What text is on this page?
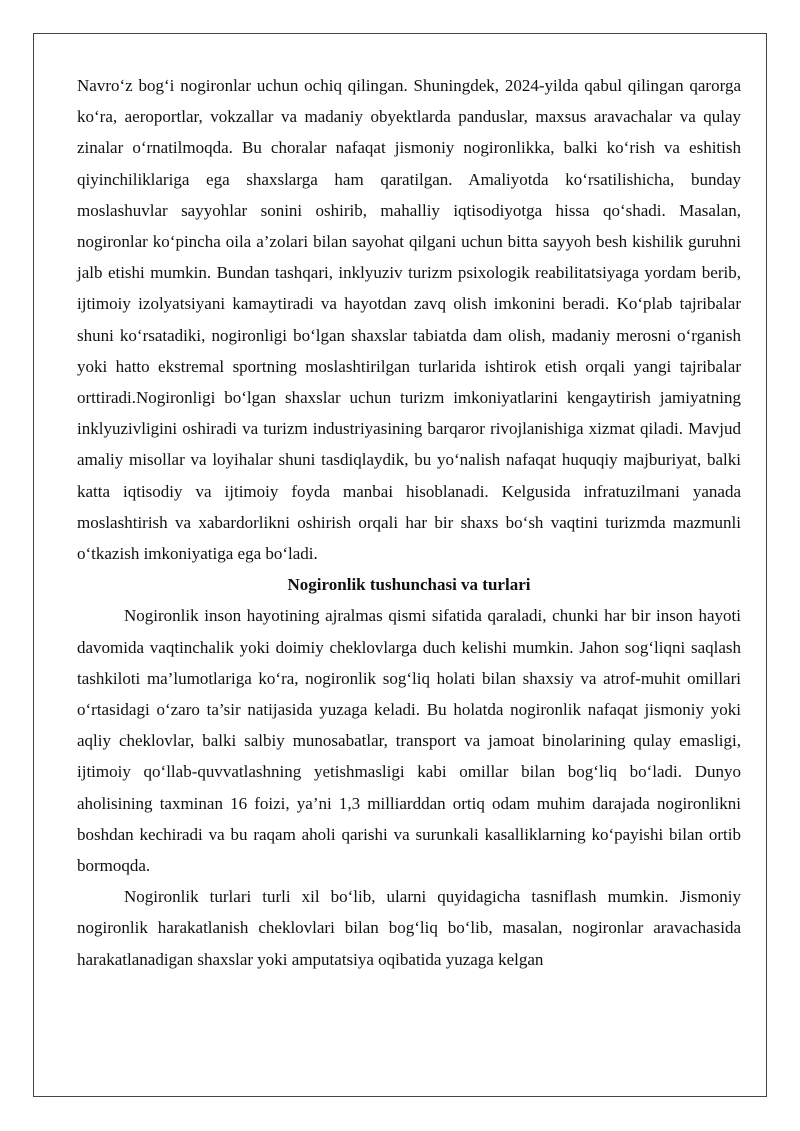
Navro‘z bog‘i nogironlar uchun ochiq qilingan. Shuningdek, 2024-yilda qabul qilingan qarorga ko‘ra, aeroportlar, vokzallar va madaniy obyektlarda panduslar, maxsus aravachalar va qulay zinalar o‘rnatilmoqda. Bu choralar nafaqat jismoniy nogironlikka, balki ko‘rish va eshitish qiyinchiliklariga ega shaxslarga ham qaratilgan. Amaliyotda ko‘rsatilishicha, bunday moslashuvlar sayyohlar sonini oshirib, mahalliy iqtisodiyotga hissa qo‘shadi. Masalan, nogironlar ko‘pincha oila a’zolari bilan sayohat qilgani uchun bitta sayyoh besh kishilik guruhni jalb etishi mumkin. Bundan tashqari, inklyuziv turizm psixologik reabilitatsiyaga yordam berib, ijtimoiy izolyatsiyani kamaytiradi va hayotdan zavq olish imkonini beradi. Ko‘plab tajribalar shuni ko‘rsatadiki, nogironligi bo‘lgan shaxslar tabiatda dam olish, madaniy merosni o‘rganish yoki hatto ekstremal sportning moslashtirilgan turlarida ishtirok etish orqali yangi tajribalar orttiradi.Nogironligi bo‘lgan shaxslar uchun turizm imkoniyatlarini kengaytirish jamiyatning inklyuzivligini oshiradi va turizm industriyasining barqaror rivojlanishiga xizmat qiladi. Mavjud amaliy misollar va loyihalar shuni tasdiqlaydik, bu yo‘nalish nafaqat huquqiy majburiyat, balki katta iqtisodiy va ijtimoiy foyda manbai hisoblanadi. Kelgusida infratuzilmani yanada moslashtirish va xabardorlikni oshirish orqali har bir shaxs bo‘sh vaqtini turizmda mazmunli o‘tkazish imkoniyatiga ega bo‘ladi.

Nogironlik tushunchasi va turlari

Nogironlik inson hayotining ajralmas qismi sifatida qaraladi, chunki har bir inson hayoti davomida vaqtinchalik yoki doimiy cheklovlarga duch kelishi mumkin. Jahon sog‘liqni saqlash tashkiloti ma’lumotlariga ko‘ra, nogironlik sog‘liq holati bilan shaxsiy va atrof-muhit omillari o‘rtasidagi o‘zaro ta’sir natijasida yuzaga keladi. Bu holatda nogironlik nafaqat jismoniy yoki aqliy cheklovlar, balki salbiy munosabatlar, transport va jamoat binolarining qulay emasligi, ijtimoiy qo‘llab-quvvatlashning yetishmasligi kabi omillar bilan bog‘liq bo‘ladi. Dunyo aholisining taxminan 16 foizi, ya’ni 1,3 milliarddan ortiq odam muhim darajada nogironlikni boshdan kechiradi va bu raqam aholi qarishi va surunkali kasalliklarning ko‘payishi bilan ortib bormoqda.

Nogironlik turlari turli xil bo‘lib, ularni quyidagicha tasniflash mumkin. Jismoniy nogironlik harakatlanish cheklovlari bilan bog‘liq bo‘lib, masalan, nogironlar aravachasida harakatlanadigan shaxslar yoki amputatsiya oqibatida yuzaga kelgan
